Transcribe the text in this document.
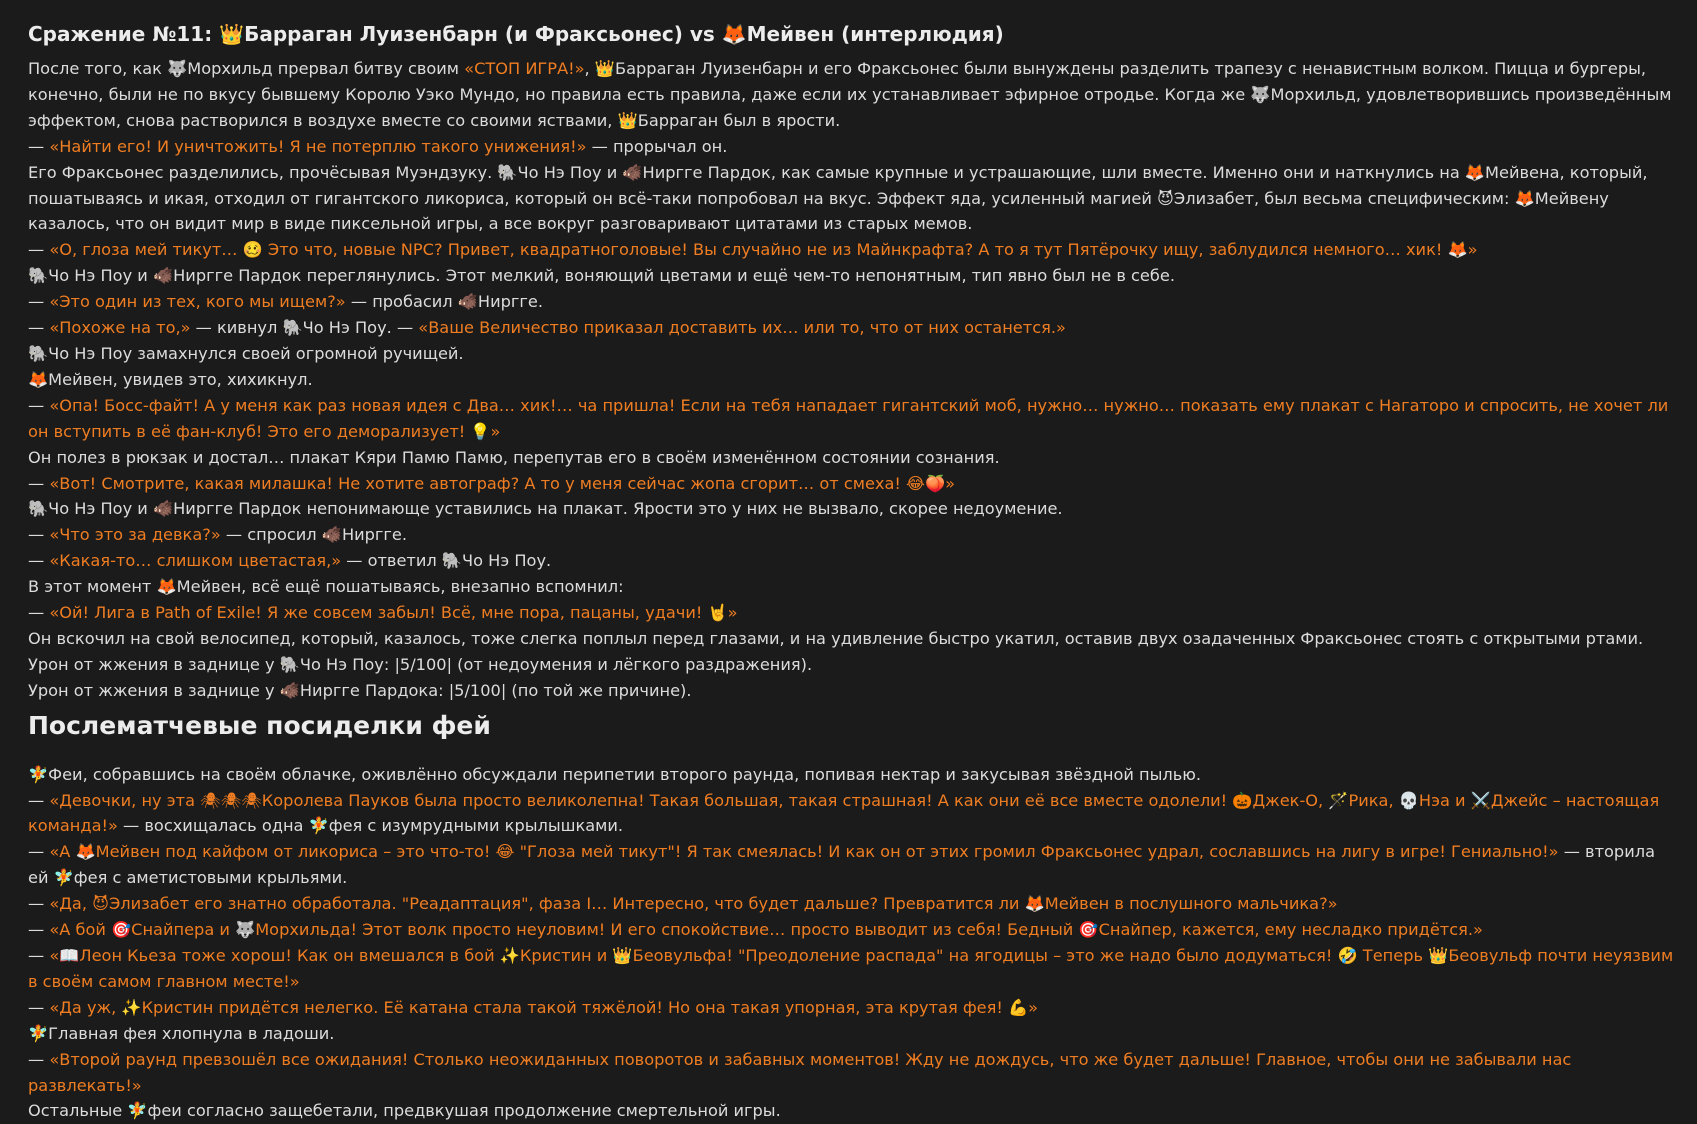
Сражение №11: 👑Барраган Луизенбарн (и Фраксьонес) vs 🦊Мейвен (интерлюдия)

После того, как 🐺Морхильд прервал битву своим «СТОП ИГРА!», 👑Барраган Луизенбарн и его Фраксьонес были вынуждены разделить трапезу с ненавистным волком. Пицца и бургеры, конечно, были не по вкусу бывшему Королю Уэко Мундо, но правила есть правила, даже если их устанавливает эфирное отродье. Когда же 🐺Морхильд, удовлетворившись произведённым эффектом, снова растворился в воздухе вместе со своими яствами, 👑Барраган был в ярости.

— «Найти его! И уничтожить! Я не потерплю такого унижения!» — прорычал он.

Его Фраксьонес разделились, прочёсывая Муэндзуку. 🐘Чо Нэ Поу и 🐗Ниргге Пардок, как самые крупные и устрашающие, шли вместе. Именно они и наткнулись на 🦊Мейвена, который, пошатываясь и икая, отходил от гигантского ликориса, который он всё-таки попробовал на вкус. Эффект яда, усиленный магией 😈Элизабет, был весьма специфическим: 🦊Мейвену казалось, что он видит мир в виде пиксельной игры, а все вокруг разговаривают цитатами из старых мемов.

— «О, глоза мей тикут… 🥴 Это что, новые NPC? Привет, квадратноголовые! Вы случайно не из Майнкрафта? А то я тут Пятёрочку ищу, заблудился немного… хик! 🦊»

🐘Чо Нэ Поу и 🐗Ниргге Пардок переглянулись. Этот мелкий, воняющий цветами и ещё чем-то непонятным, тип явно был не в себе.

— «Это один из тех, кого мы ищем?» — пробасил 🐗Ниргге.

— «Похоже на то,» — кивнул 🐘Чо Нэ Поу. — «Ваше Величество приказал доставить их… или то, что от них останется.»

🐘Чо Нэ Поу замахнулся своей огромной ручищей.

🦊Мейвен, увидев это, хихикнул.

— «Опа! Босс-файт! А у меня как раз новая идея с Два… хик!… ча пришла! Если на тебя нападает гигантский моб, нужно… нужно… показать ему плакат с Нагаторо и спросить, не хочет ли он вступить в её фан-клуб! Это его деморализует! 💡»

Он полез в рюкзак и достал… плакат Кяри Памю Памю, перепутав его в своём изменённом состоянии сознания.

— «Вот! Смотрите, какая милашка! Не хотите автограф? А то у меня сейчас жопа сгорит… от смеха! 😂🍑»

🐘Чо Нэ Поу и 🐗Ниргге Пардок непонимающе уставились на плакат. Ярости это у них не вызвало, скорее недоумение.

— «Что это за девка?» — спросил 🐗Ниргге.

— «Какая-то… слишком цветастая,» — ответил 🐘Чо Нэ Поу.

В этот момент 🦊Мейвен, всё ещё пошатываясь, внезапно вспомнил:

— «Ой! Лига в Path of Exile! Я же совсем забыл! Всё, мне пора, пацаны, удачи! 🤘»

Он вскочил на свой велосипед, который, казалось, тоже слегка поплыл перед глазами, и на удивление быстро укатил, оставив двух озадаченных Фраксьонес стоять с открытыми ртами.

Урон от жжения в заднице у 🐘Чо Нэ Поу: |5/100| (от недоумения и лёгкого раздражения).

Урон от жжения в заднице у 🐗Ниргге Пардока: |5/100| (по той же причине).

Послематчевые посиделки фей

🧚Феи, собравшись на своём облачке, оживлённо обсуждали перипетии второго раунда, попивая нектар и закусывая звёздной пылью.

— «Девочки, ну эта 🕷🕷🕷Королева Пауков была просто великолепна! Такая большая, такая страшная! А как они её все вместе одолели! 🎃Джек-О, 🪄Рика, 💀Нэа и ⚔️Джейс – настоящая команда!» — восхищалась одна 🧚фея с изумрудными крылышками.

— «А 🦊Мейвен под кайфом от ликориса – это что-то! 😂 "Глоза мей тикут"! Я так смеялась! И как он от этих громил Фраксьонес удрал, сославшись на лигу в игре! Гениально!» — вторила ей 🧚фея с аметистовыми крыльями.

— «Да, 😈Элизабет его знатно обработала. "Реадаптация", фаза I… Интересно, что будет дальше? Превратится ли 🦊Мейвен в послушного мальчика?»

— «А бой 🎯Снайпера и 🐺Морхильда! Этот волк просто неуловим! И его спокойствие… просто выводит из себя! Бедный 🎯Снайпер, кажется, ему несладко придётся.»

— «📖Леон Кьеза тоже хорош! Как он вмешался в бой ✨Кристин и 👑Беовульфа! "Преодоление распада" на ягодицы – это же надо было додуматься! 🤣 Теперь 👑Беовульф почти неуязвим в своём самом главном месте!»

— «Да уж, ✨Кристин придётся нелегко. Её катана стала такой тяжёлой! Но она такая упорная, эта крутая фея! 💪»

🧚Главная фея хлопнула в ладоши.

— «Второй раунд превзошёл все ожидания! Столько неожиданных поворотов и забавных моментов! Жду не дождусь, что же будет дальше! Главное, чтобы они не забывали нас развлекать!»

Остальные 🧚феи согласно защебетали, предвкушая продолжение смертельной игры.
